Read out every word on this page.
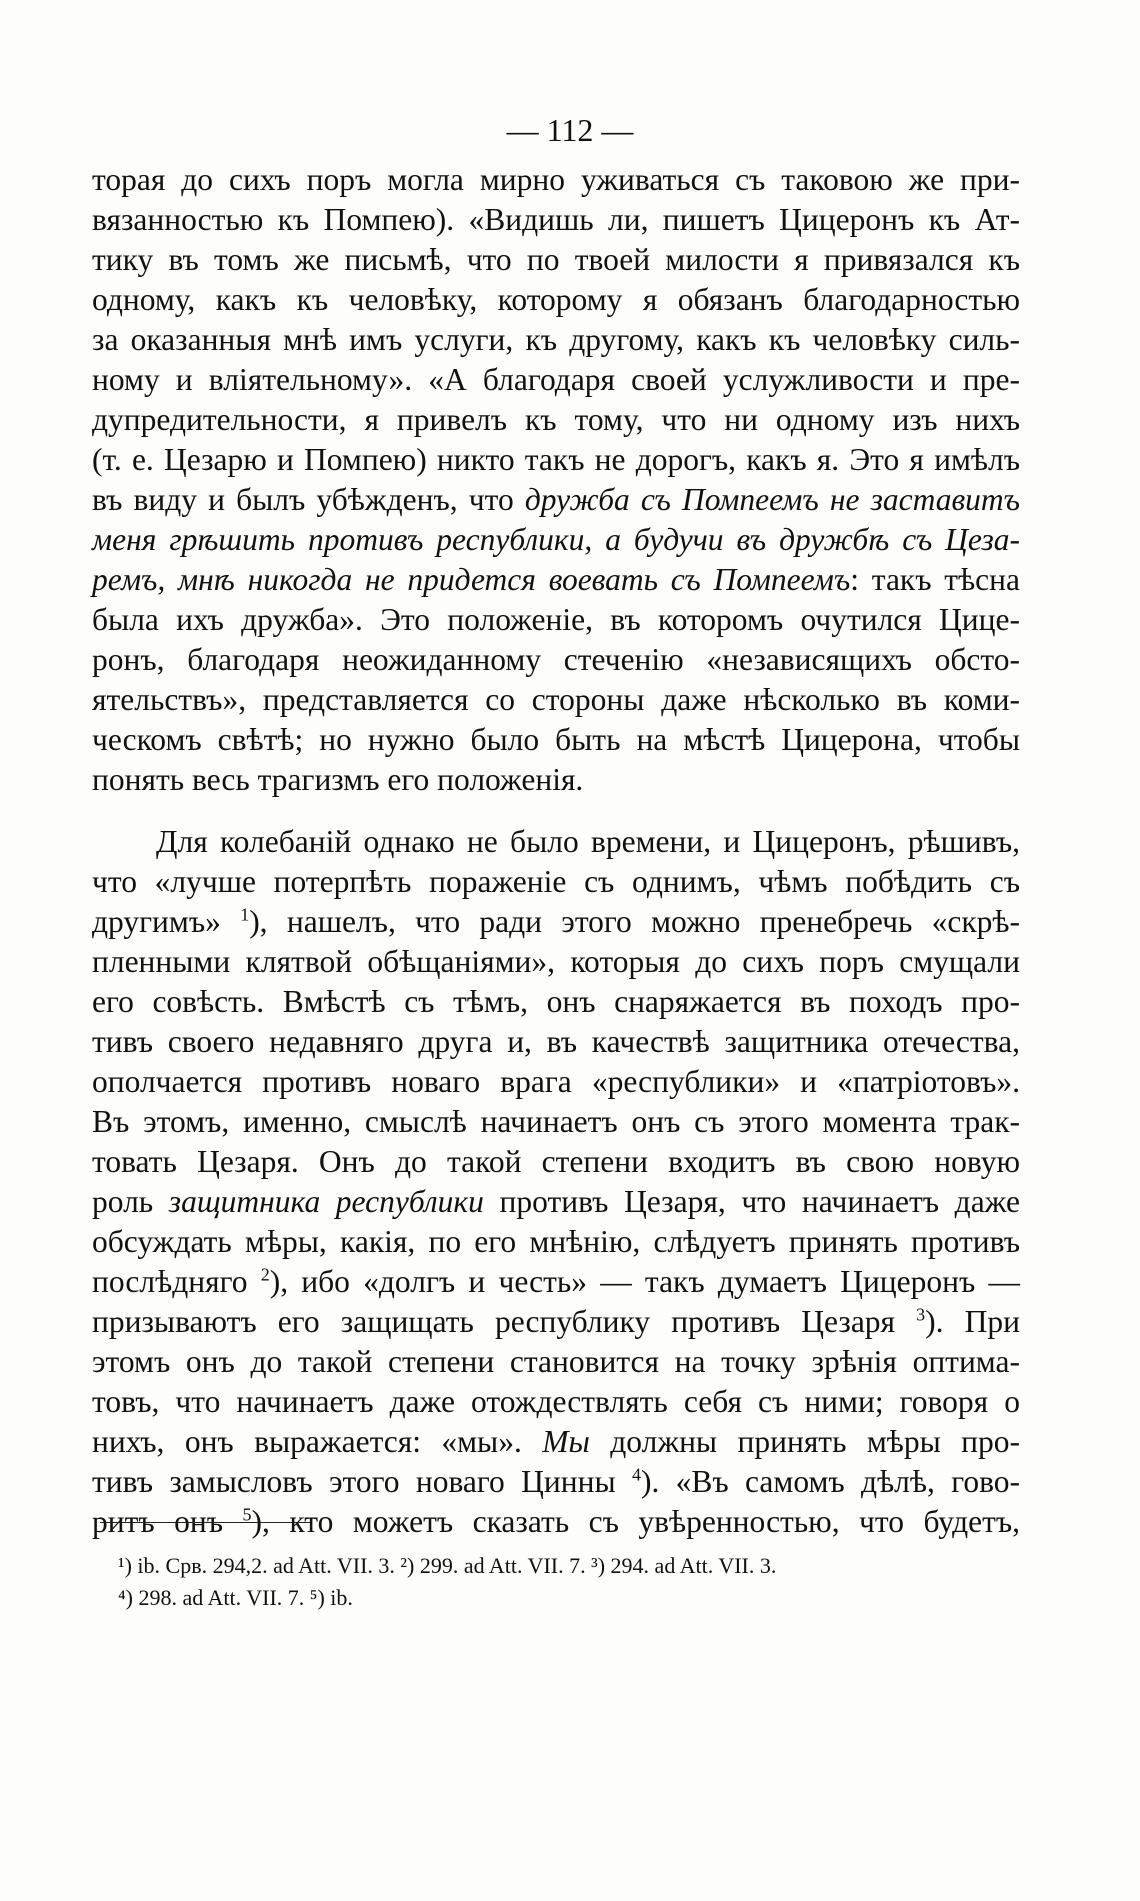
— 112 —
торая до сихъ поръ могла мирно уживаться съ таковою же при-
вязанностью къ Помпею). «Видишь ли, пишетъ Цицеронъ къ Ат-
тику въ томъ же письмѣ, что по твоей милости я привязался къ
одному, какъ къ человѣку, которому я обязанъ благодарностью
за оказанныя мнѣ имъ услуги, къ другому, какъ къ человѣку силь-
ному и вліятельному». «А благодаря своей услужливости и пре-
дупредительности, я привелъ къ тому, что ни одному изъ нихъ
(т. е. Цезарю и Помпею) никто такъ не дорогъ, какъ я. Это я имѣлъ
въ виду и былъ убѣжденъ, что дружба съ Помпеемъ не заставитъ
меня грѣшить противъ республики, а будучи въ дружбѣ съ Цеза-
ремъ, мнѣ никогда не придется воевать съ Помпеемъ: такъ тѣсна
была ихъ дружба». Это положеніе, въ которомъ очутился Цице-
ронъ, благодаря неожиданному стеченію «независящихъ обсто-
ятельствъ», представляется со стороны даже нѣсколько въ коми-
ческомъ свѣтѣ; но нужно было быть на мѣстѣ Цицерона, чтобы
понять весь трагизмъ его положенія.
Для колебаній однако не было времени, и Цицеронъ, рѣшивъ,
что «лучше потерпѣть пораженіе съ однимъ, чѣмъ побѣдить съ
другимъ» $^1$), нашелъ, что ради этого можно пренебречь «скрѣ-
пленными клятвой обѣщаніями», которыя до сихъ поръ смущали
его совѣсть. Вмѣстѣ съ тѣмъ, онъ снаряжается въ походъ про-
тивъ своего недавняго друга и, въ качествѣ защитника отечества,
ополчается противъ новаго врага «республики» и «патріотовъ».
Въ этомъ, именно, смыслѣ начинаетъ онъ съ этого момента трак-
товать Цезаря. Онъ до такой степени входитъ въ свою новую
роль защитника республики противъ Цезаря, что начинаетъ даже
обсуждать мѣры, какія, по его мнѣнію, слѣдуетъ принять противъ
послѣдняго $^2$), ибо «долгъ и честь» — такъ думаетъ Цицеронъ —
призываютъ его защищать республику противъ Цезаря $^3$). При
этомъ онъ до такой степени становится на точку зрѣнія оптима-
товъ, что начинаетъ даже отождествлять себя съ ними; говоря о
нихъ, онъ выражается: «мы». Мы должны принять мѣры про-
тивъ замысловъ этого новаго Цинны $^4$). «Въ самомъ дѣлѣ, гово-
ритъ онъ $^5$), кто можетъ сказать съ увѣренностью, что будетъ,
¹) ib. Срв. 294,2. ad Att. VII. 3. ²) 299. ad Att. VII. 7. ³) 294. ad Att. VII. 3.
⁴) 298. ad Att. VII. 7. ⁵) ib.
